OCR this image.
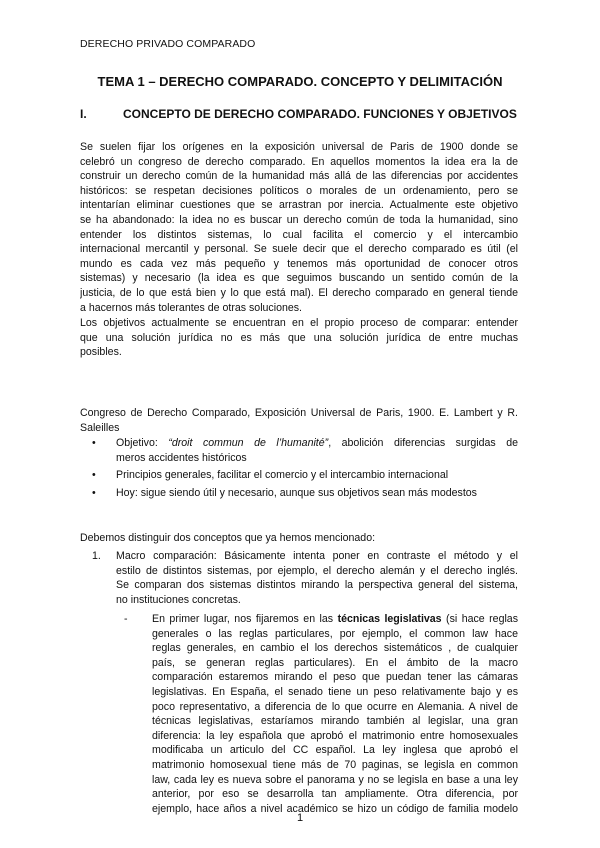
DERECHO PRIVADO COMPARADO
TEMA 1 – DERECHO COMPARADO. CONCEPTO Y DELIMITACIÓN
I.	CONCEPTO DE DERECHO COMPARADO. FUNCIONES Y OBJETIVOS
Se suelen fijar los orígenes en la exposición universal de Paris de 1900 donde se
celebró un congreso de derecho comparado. En aquellos momentos la idea era la de
construir un derecho común de la humanidad más allá de las diferencias por accidentes
históricos: se respetan decisiones políticos o morales de un ordenamiento, pero se
intentarían eliminar cuestiones que se arrastran por inercia. Actualmente este objetivo
se ha abandonado: la idea no es buscar un derecho común de toda la humanidad, sino
entender los distintos sistemas, lo cual facilita el comercio y el intercambio
internacional mercantil y personal. Se suele decir que el derecho comparado es útil (el
mundo es cada vez más pequeño y tenemos más oportunidad de conocer otros
sistemas) y necesario (la idea es que seguimos buscando un sentido común de la
justicia, de lo que está bien y lo que está mal). El derecho comparado en general tiende
a hacernos más tolerantes de otras soluciones.
Los objetivos actualmente se encuentran en el propio proceso de comparar: entender
que una solución jurídica no es más que una solución jurídica de entre muchas
posibles.
Congreso de Derecho Comparado, Exposición Universal de Paris, 1900. E. Lambert y R.
Saleilles
• Objetivo: “droit commun de l’humanité”, abolición diferencias surgidas de
meros accidentes históricos
• Principios generales, facilitar el comercio y el intercambio internacional
• Hoy: sigue siendo útil y necesario, aunque sus objetivos sean más modestos
Debemos distinguir dos conceptos que ya hemos mencionado:
1. Macro comparación: Básicamente intenta poner en contraste el método y el
estilo de distintos sistemas, por ejemplo, el derecho alemán y el derecho inglés.
Se comparan dos sistemas distintos mirando la perspectiva general del sistema,
no instituciones concretas.
- En primer lugar, nos fijaremos en las técnicas legislativas (si hace reglas
generales o las reglas particulares, por ejemplo, el common law hace
reglas generales, en cambio el los derechos sistemáticos , de cualquier
país, se generan reglas particulares). En el ámbito de la macro
comparación estaremos mirando el peso que puedan tener las cámaras
legislativas. En España, el senado tiene un peso relativamente bajo y es
poco representativo, a diferencia de lo que ocurre en Alemania. A nivel de
técnicas legislativas, estaríamos mirando también al legislar, una gran
diferencia: la ley española que aprobó el matrimonio entre homosexuales
modificaba un articulo del CC español. La ley inglesa que aprobó el
matrimonio homosexual tiene más de 70 paginas, se legisla en common
law, cada ley es nueva sobre el panorama y no se legisla en base a una ley
anterior, por eso se desarrolla tan ampliamente. Otra diferencia, por
ejemplo, hace años a nivel académico se hizo un código de familia modelo
1
